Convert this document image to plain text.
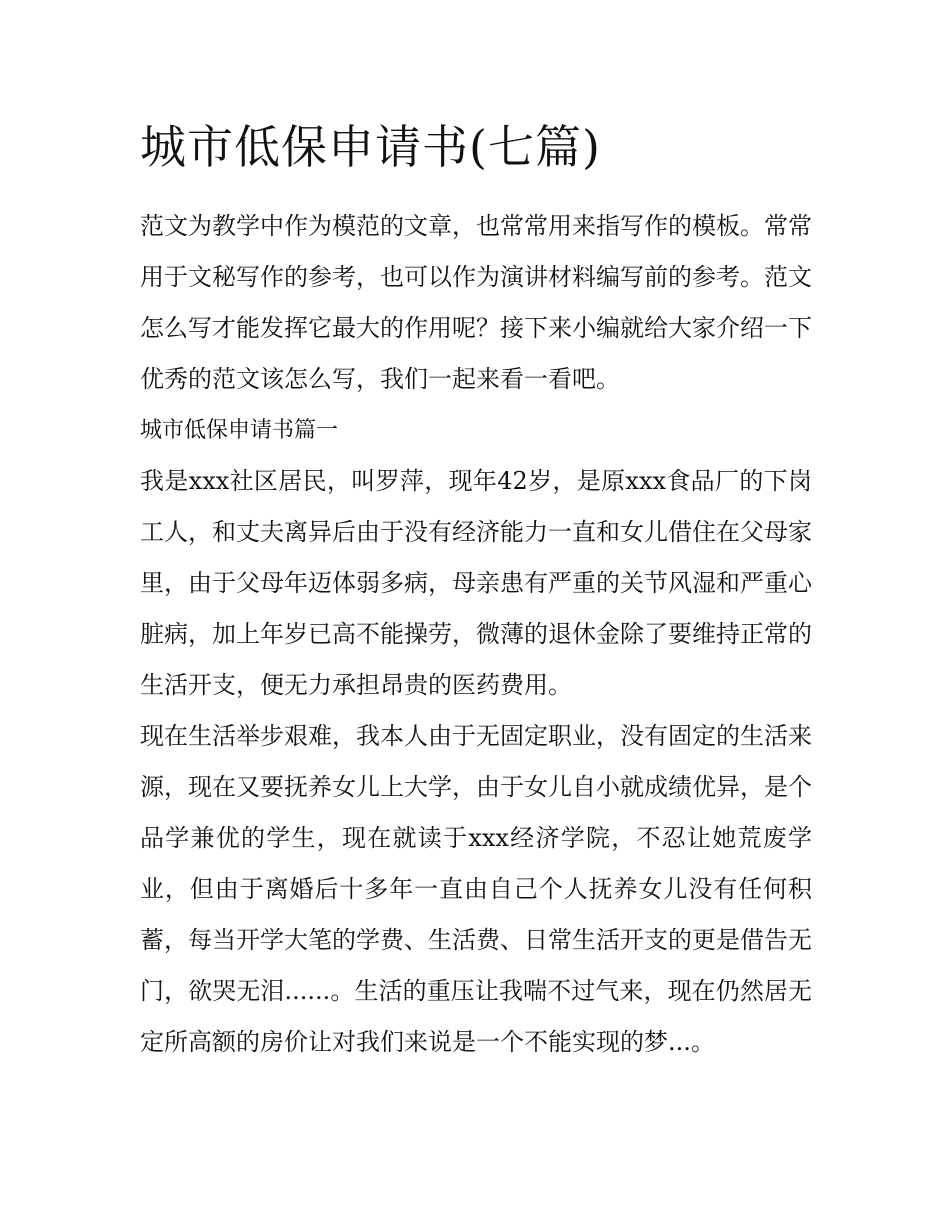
城市低保申请书(七篇)

范文为教学中作为模范的文章，也常常用来指写作的模板。常常用于文秘写作的参考，也可以作为演讲材料编写前的参考。范文怎么写才能发挥它最大的作用呢？接下来小编就给大家介绍一下优秀的范文该怎么写，我们一起来看一看吧。

城市低保申请书篇一

我是xxx社区居民，叫罗萍，现年42岁，是原xxx食品厂的下岗工人，和丈夫离异后由于没有经济能力一直和女儿借住在父母家里，由于父母年迈体弱多病，母亲患有严重的关节风湿和严重心脏病，加上年岁已高不能操劳，微薄的退休金除了要维持正常的生活开支，便无力承担昂贵的医药费用。

现在生活举步艰难，我本人由于无固定职业，没有固定的生活来源，现在又要抚养女儿上大学，由于女儿自小就成绩优异，是个品学兼优的学生，现在就读于xxx经济学院，不忍让她荒废学业，但由于离婚后十多年一直由自己个人抚养女儿没有任何积蓄，每当开学大笔的学费、生活费、日常生活开支的更是借告无门，欲哭无泪......。生活的重压让我喘不过气来，现在仍然居无定所高额的房价让对我们来说是一个不能实现的梦...。
